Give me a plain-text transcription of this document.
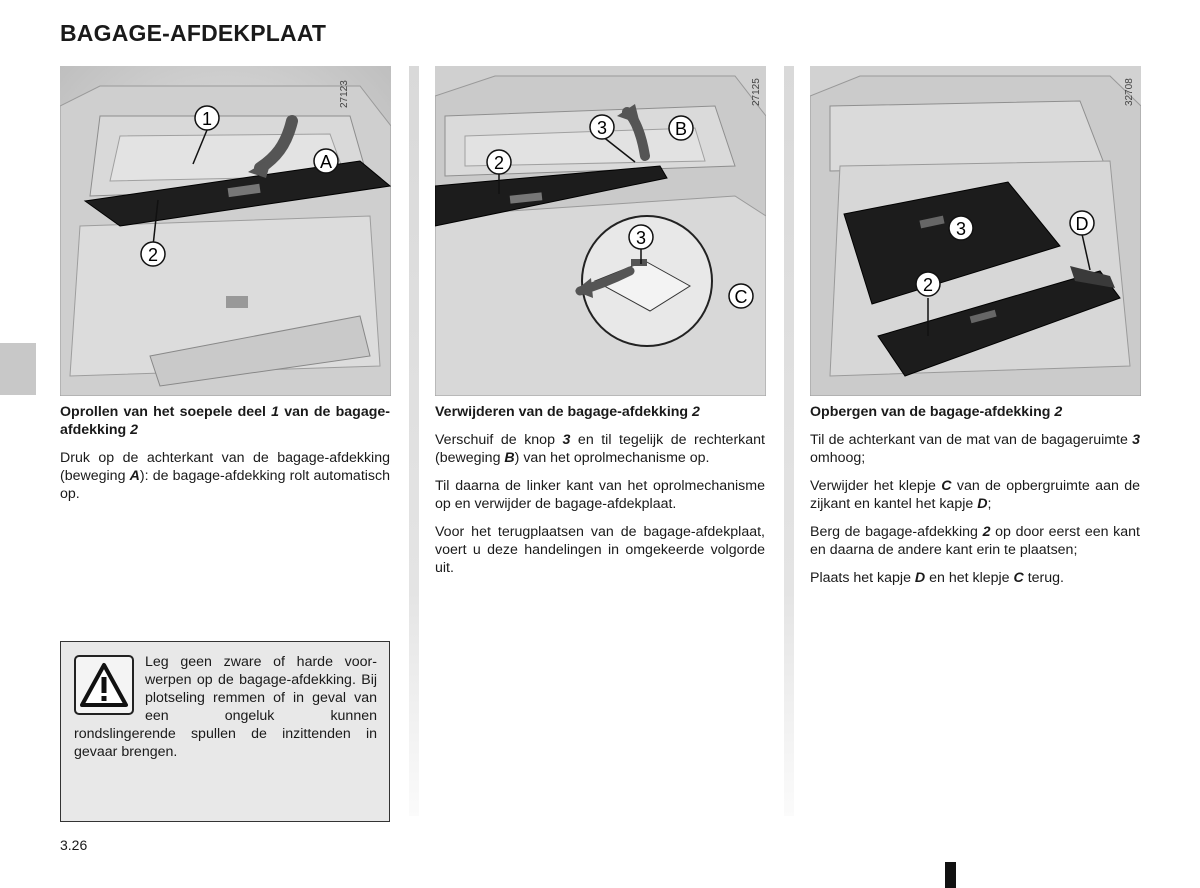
BAGAGE-AFDEKPLAAT
27123
1
A
2
27125
3	B
2
3
C
32708
3	D
2

Oprollen van het soepele deel 1 van de bagage-afdekking 2

Druk op de achterkant van de bagage-afdekking (beweging A): de bagage-afdekking rolt automatisch op.

Verwijderen van de bagage-afdekking 2

Verschuif de knop 3 en til tegelijk de rechterkant (beweging B) van het oprolmechanisme op.

Til daarna de linker kant van het oprolmechanisme op en verwijder de bagage-afdekplaat.

Voor het terugplaatsen van de bagage-afdekplaat, voert u deze handelingen in omgekeerde volgorde uit.

Opbergen van de bagage-afdekking 2

Til de achterkant van de mat van de bagageruimte 3 omhoog;

Verwijder het klepje C van de opbergruimte aan de zijkant en kantel het kapje D;

Berg de bagage-afdekking 2 op door eerst een kant en daarna de andere kant erin te plaatsen;

Plaats het kapje D en het klepje C terug.

Leg geen zware of harde voorwerpen op de bagage-afdekking. Bij plotseling remmen of in geval van een ongeluk kunnen rondslingerende spullen de inzittenden in gevaar brengen.

3.26
